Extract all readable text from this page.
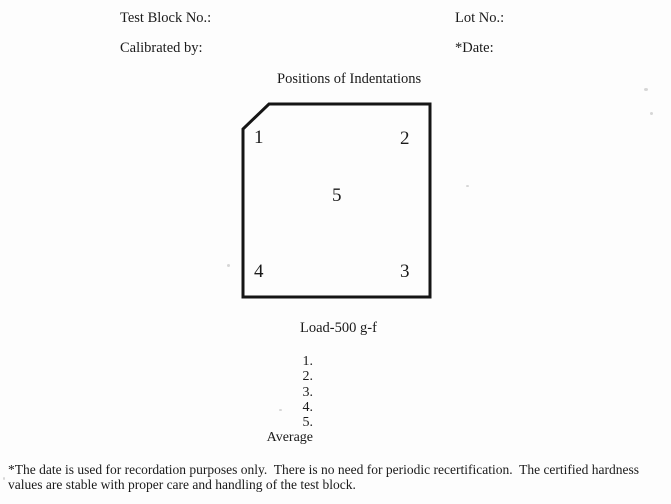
Test Block No.:	Lot No.:
Calibrated by:	*Date:
Positions of Indentations
1	2
5
4	3
Load-500 g-f
1.
2.
3.
4.
5.
Average
*The date is used for recordation purposes only.  There is no need for periodic recertification.  The certified hardness values are stable with proper care and handling of the test block.
